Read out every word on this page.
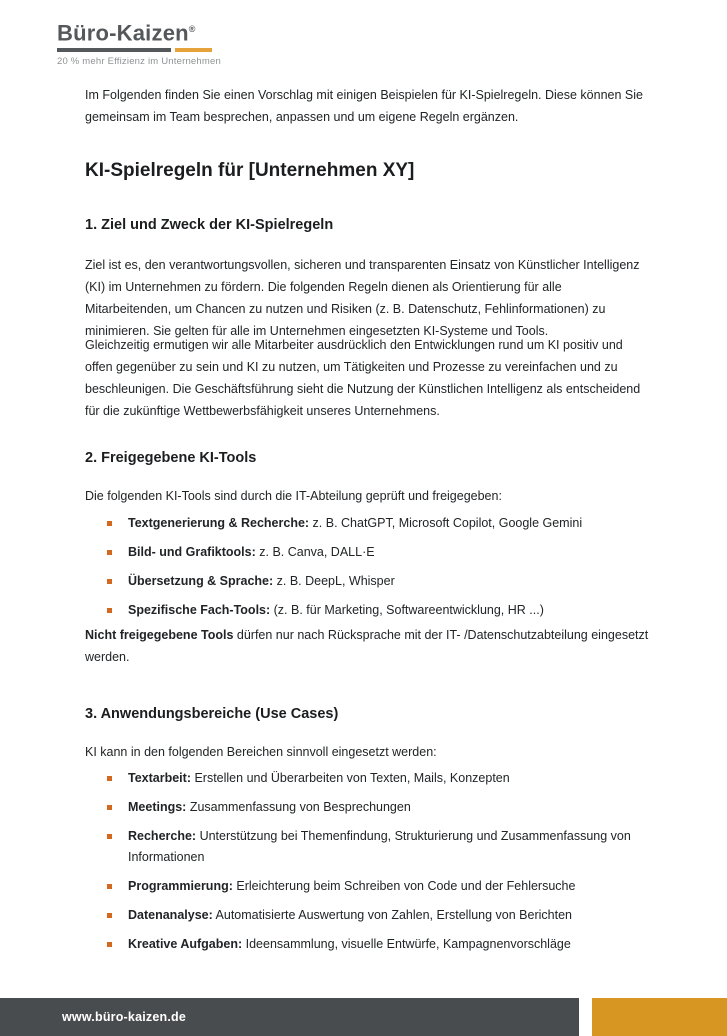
Büro-Kaizen®
20 % mehr Effizienz im Unternehmen
Im Folgenden finden Sie einen Vorschlag mit einigen Beispielen für KI-Spielregeln. Diese können Sie gemeinsam im Team besprechen, anpassen und um eigene Regeln ergänzen.
KI-Spielregeln für [Unternehmen XY]
1. Ziel und Zweck der KI-Spielregeln
Ziel ist es, den verantwortungsvollen, sicheren und transparenten Einsatz von Künstlicher Intelligenz (KI) im Unternehmen zu fördern. Die folgenden Regeln dienen als Orientierung für alle Mitarbeitenden, um Chancen zu nutzen und Risiken (z. B. Datenschutz, Fehlinformationen) zu minimieren. Sie gelten für alle im Unternehmen eingesetzten KI-Systeme und Tools.
Gleichzeitig ermutigen wir alle Mitarbeiter ausdrücklich den Entwicklungen rund um KI positiv und offen gegenüber zu sein und KI zu nutzen, um Tätigkeiten und Prozesse zu vereinfachen und zu beschleunigen. Die Geschäftsführung sieht die Nutzung der Künstlichen Intelligenz als entscheidend für die zukünftige Wettbewerbsfähigkeit unseres Unternehmens.
2. Freigegebene KI-Tools
Die folgenden KI-Tools sind durch die IT-Abteilung geprüft und freigegeben:
Textgenerierung & Recherche: z. B. ChatGPT, Microsoft Copilot, Google Gemini
Bild- und Grafiktools: z. B. Canva, DALL·E
Übersetzung & Sprache: z. B. DeepL, Whisper
Spezifische Fach-Tools: (z. B. für Marketing, Softwareentwicklung, HR ...)
Nicht freigegebene Tools dürfen nur nach Rücksprache mit der IT- /Datenschutzabteilung eingesetzt werden.
3. Anwendungsbereiche (Use Cases)
KI kann in den folgenden Bereichen sinnvoll eingesetzt werden:
Textarbeit: Erstellen und Überarbeiten von Texten, Mails, Konzepten
Meetings: Zusammenfassung von Besprechungen
Recherche: Unterstützung bei Themenfindung, Strukturierung und Zusammenfassung von Informationen
Programmierung: Erleichterung beim Schreiben von Code und der Fehlersuche
Datenanalyse: Automatisierte Auswertung von Zahlen, Erstellung von Berichten
Kreative Aufgaben: Ideensammlung, visuelle Entwürfe, Kampagnenvorschläge
www.büro-kaizen.de
